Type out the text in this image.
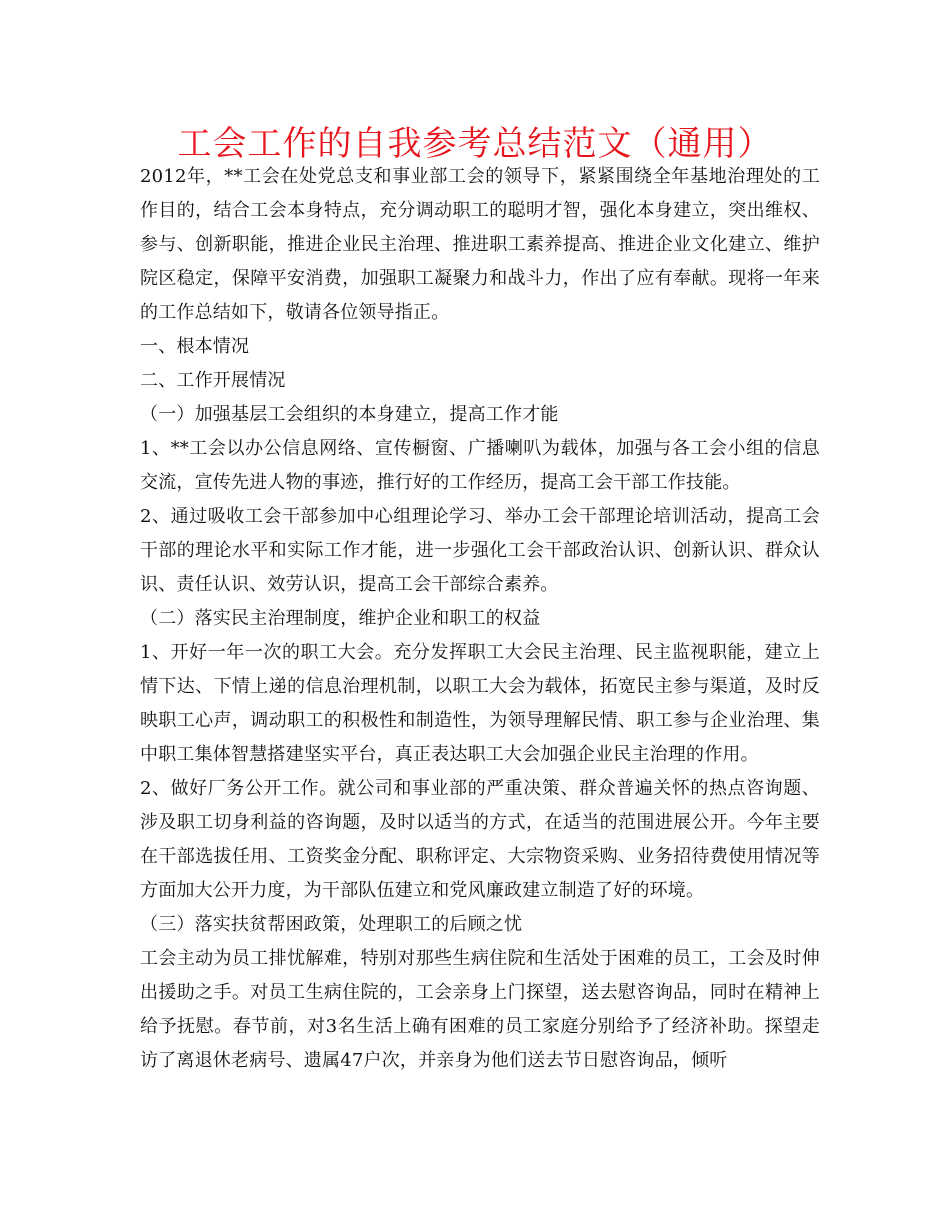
工会工作的自我参考总结范文（通用）

2012年，**工会在处党总支和事业部工会的领导下，紧紧围绕全年基地治理处的工作目的，结合工会本身特点，充分调动职工的聪明才智，强化本身建立，突出维权、参与、创新职能，推进企业民主治理、推进职工素养提高、推进企业文化建立、维护院区稳定，保障平安消费，加强职工凝聚力和战斗力，作出了应有奉献。现将一年来的工作总结如下，敬请各位领导指正。

一、根本情况

二、工作开展情况

（一）加强基层工会组织的本身建立，提高工作才能

1、**工会以办公信息网络、宣传橱窗、广播喇叭为载体，加强与各工会小组的信息交流，宣传先进人物的事迹，推行好的工作经历，提高工会干部工作技能。

2、通过吸收工会干部参加中心组理论学习、举办工会干部理论培训活动，提高工会干部的理论水平和实际工作才能，进一步强化工会干部政治认识、创新认识、群众认识、责任认识、效劳认识，提高工会干部综合素养。

（二）落实民主治理制度，维护企业和职工的权益

1、开好一年一次的职工大会。充分发挥职工大会民主治理、民主监视职能，建立上情下达、下情上递的信息治理机制，以职工大会为载体，拓宽民主参与渠道，及时反映职工心声，调动职工的积极性和制造性，为领导理解民情、职工参与企业治理、集中职工集体智慧搭建坚实平台，真正表达职工大会加强企业民主治理的作用。

2、做好厂务公开工作。就公司和事业部的严重决策、群众普遍关怀的热点咨询题、涉及职工切身利益的咨询题，及时以适当的方式，在适当的范围进展公开。今年主要在干部选拔任用、工资奖金分配、职称评定、大宗物资采购、业务招待费使用情况等方面加大公开力度，为干部队伍建立和党风廉政建立制造了好的环境。

（三）落实扶贫帮困政策，处理职工的后顾之忧

工会主动为员工排忧解难，特别对那些生病住院和生活处于困难的员工，工会及时伸出援助之手。对员工生病住院的，工会亲身上门探望，送去慰咨询品，同时在精神上给予抚慰。春节前，对3名生活上确有困难的员工家庭分别给予了经济补助。探望走访了离退休老病号、遗属47户次，并亲身为他们送去节日慰咨询品，倾听
